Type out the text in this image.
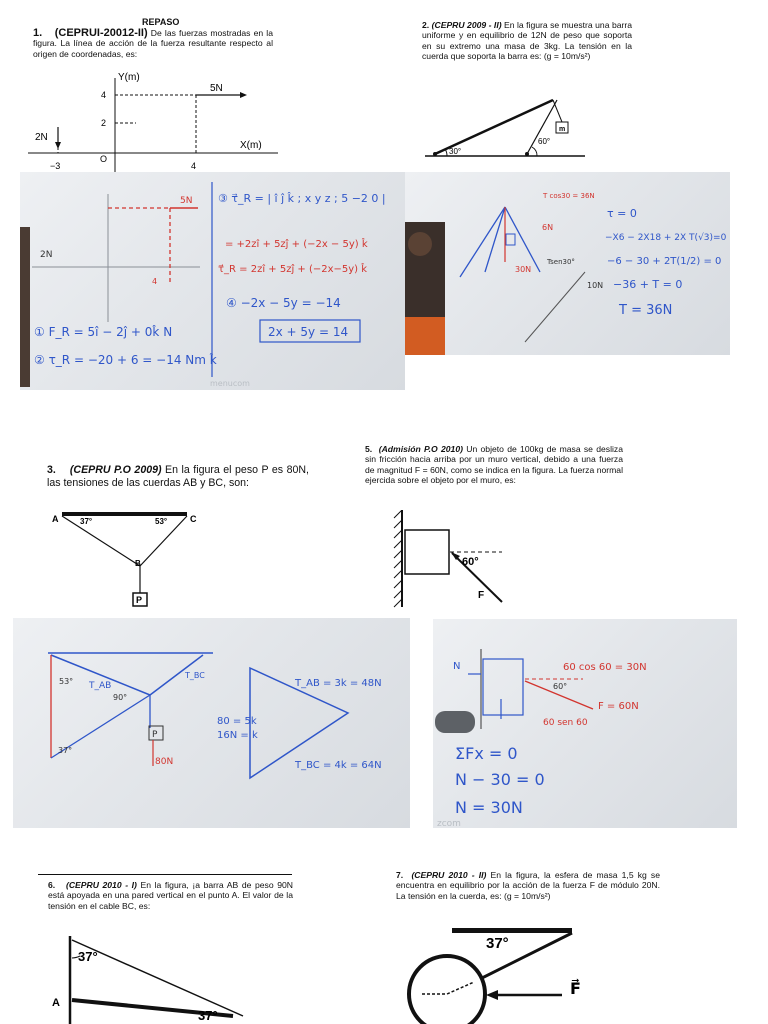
REPASO
1. (CEPRUI-20012-II) De las fuerzas mostradas en la figura. La línea de acción de la fuerza resultante respecto al origen de coordenadas, es:
Y(m)
X(m)
4
2
4
−3
O
5N
2N
2. (CEPRU 2009 - II) En la figura se muestra una barra uniforme y en equilibrio de 12N de peso que soporta en su extremo una masa de 3kg. La tensión en la cuerda que soporta la barra es: (g = 10m/s²)
m
30°
60°
5N
2N
4
③ τ⃗_R = | î ĵ k̂ ; x y z ; 5 −2 0 |
= +2zî + 5zĵ + (−2x − 5y) k̂
τ⃗_R = 2zî + 5zĵ + (−2x−5y) k̂
④ −2x − 5y = −14
2x + 5y = 14
① F_R = 5î − 2ĵ + 0k̂ N
② τ_R = −20 + 6 = −14 Nm k̂
menucom
30N
6N
T cos30 = 36N
Tsen30°
10N
τ = 0
−X6 − 2X18 + 2X T(√3)=0
−6 − 30 + 2T(1/2) = 0
−36 + T = 0
T = 36N
3. (CEPRU P.O 2009) En la figura el peso P es 80N, las tensiones de las cuerdas AB y BC, son:
P
A	C
B
37°	53°
5. (Admisión P.O 2010) Un objeto de 100kg de masa se desliza sin fricción hacia arriba por un muro vertical, debido a una fuerza de magnitud F = 60N, como se indica en la figura. La fuerza normal ejercida sobre el objeto por el muro, es:
60°
F
P
80N
T_AB
T_BC
90°
37°
53°	T_AB = 3k = 48N
80 = 5k
16N = k
T_BC = 4k = 64N
N
60°
60 cos 60 = 30N
F = 60N
60 sen 60
ΣFx = 0
N − 30 = 0
N = 30N
zcom
6. (CEPRU 2010 - I) En la figura, ¡a barra AB de peso 90N está apoyada en una pared vertical en el punto A. El valor de la tensión en el cable BC, es:
37°
37°
A
7. (CEPRU 2010 - II) En la figura, la esfera de masa 1,5 kg se encuentra en equilibrio por la acción de la fuerza F de módulo 20N. La tensión en la cuerda, es: (g = 10m/s²)
37°
F⃗
